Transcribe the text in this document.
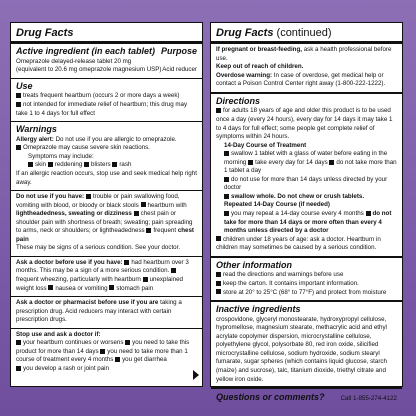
Drug Facts
Active ingredient (in each tablet) Purpose
Omeprazole delayed-release tablet 20 mg
(equivalent to 20.6 mg omeprazole magnesium USP) Acid reducer
Use
treats frequent heartburn (occurs 2 or more days a week)
not intended for immediate relief of heartburn; this drug may take 1 to 4 days for full effect
Warnings
Allergy alert: Do not use if you are allergic to omeprazole.
Omeprazole may cause severe skin reactions.
Symptoms may include:
skin reddening blisters rash
If an allergic reaction occurs, stop use and seek medical help right away.
Do not use if you have: trouble or pain swallowing food, vomiting with blood, or bloody or black stools heartburn with lightheadedness, sweating or dizziness chest pain or shoulder pain with shortness of breath; sweating; pain spreading to arms, neck or shoulders; or lightheadedness frequent chest pain
These may be signs of a serious condition. See your doctor.
Ask a doctor before use if you have: had heartburn over 3 months. This may be a sign of a more serious condition. frequent wheezing, particularly with heartburn unexplained weight loss nausea or vomiting stomach pain
Ask a doctor or pharmacist before use if you are taking a prescription drug. Acid reducers may interact with certain prescription drugs.
Stop use and ask a doctor if:
your heartburn continues or worsens you need to take this product for more than 14 days you need to take more than 1 course of treatment every 4 months you get diarrhea
you develop a rash or joint pain
Drug Facts (continued)
If pregnant or breast-feeding, ask a health professional before use.
Keep out of reach of children.
Overdose warning: In case of overdose, get medical help or contact a Poison Control Center right away (1-800-222-1222).
Directions
for adults 18 years of age and older this product is to be used once a day (every 24 hours), every day for 14 days it may take 1 to 4 days for full effect; some people get complete relief of symptoms within 24 hours.
14-Day Course of Treatment
swallow 1 tablet with a glass of water before eating in the morning take every day for 14 days do not take more than 1 tablet a day
do not use for more than 14 days unless directed by your doctor
swallow whole. Do not chew or crush tablets.
Repeated 14-Day Course (if needed)
you may repeat a 14-day course every 4 months do not take for more than 14 days or more often than every 4 months unless directed by a doctor
children under 18 years of age: ask a doctor. Heartburn in children may sometimes be caused by a serious condition.
Other information
read the directions and warnings before use
keep the carton. It contains important information.
store at 20° to 25°C (68° to 77°F) and protect from moisture
Inactive ingredients
crospovidone, glyceryl monostearate, hydroxypropyl cellulose, hypromellose, magnesium stearate, methacrylic acid and ethyl acrylate copolymer dispersion, microcrystalline cellulose, polyethylene glycol, polysorbate 80, red iron oxide, silicified microcrystalline cellulose, sodium hydroxide, sodium stearyl fumarate, sugar spheres (which contains liquid glucose, starch (maize) and sucrose), talc, titanium dioxide, triethyl citrate and yellow iron oxide.
Questions or comments?	Call 1-855-274-4122
